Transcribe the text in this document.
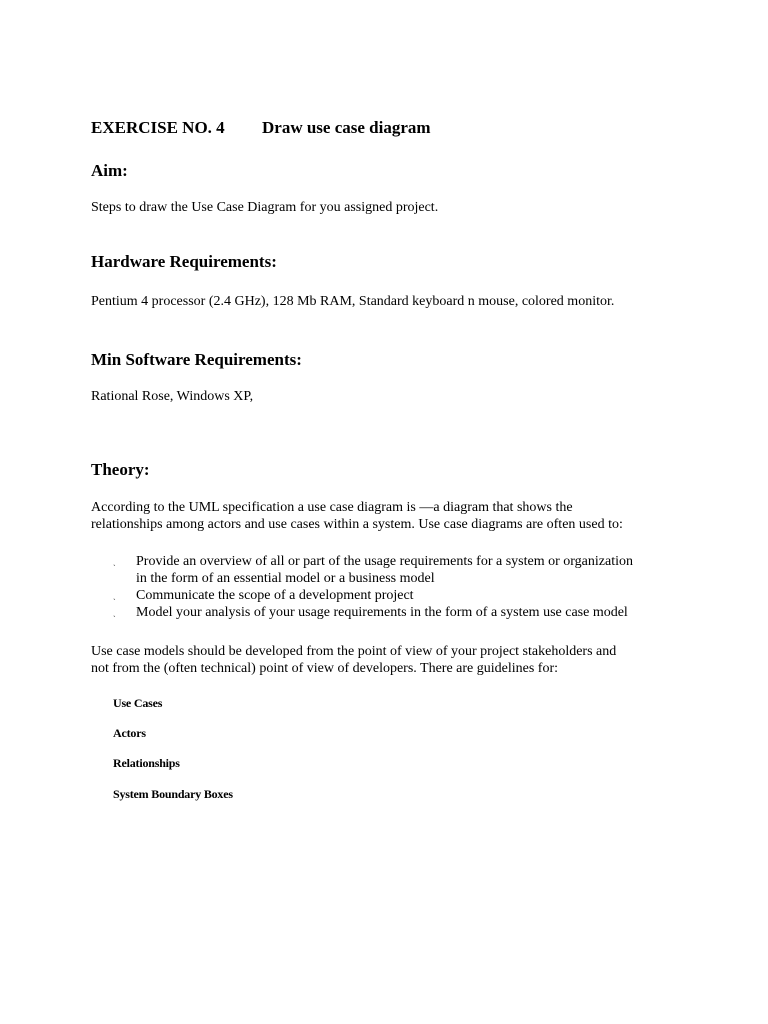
EXERCISE NO. 4 Draw use case diagram
Aim:
Steps to draw the Use Case Diagram for you assigned project.
Hardware Requirements:
Pentium 4 processor (2.4 GHz), 128 Mb RAM, Standard keyboard n mouse, colored monitor.
Min Software Requirements:
Rational Rose, Windows XP,
Theory:
According to the UML specification a use case diagram is —a diagram that shows the
relationships among actors and use cases within a system. Use case diagrams are often used to:
ˏ Provide an overview of all or part of the usage requirements for a system or organization
in the form of an essential model or a business model
ˏ Communicate the scope of a development project
ˏ Model your analysis of your usage requirements in the form of a system use case model
Use case models should be developed from the point of view of your project stakeholders and
not from the (often technical) point of view of developers. There are guidelines for:
Use Cases
Actors
Relationships
System Boundary Boxes
